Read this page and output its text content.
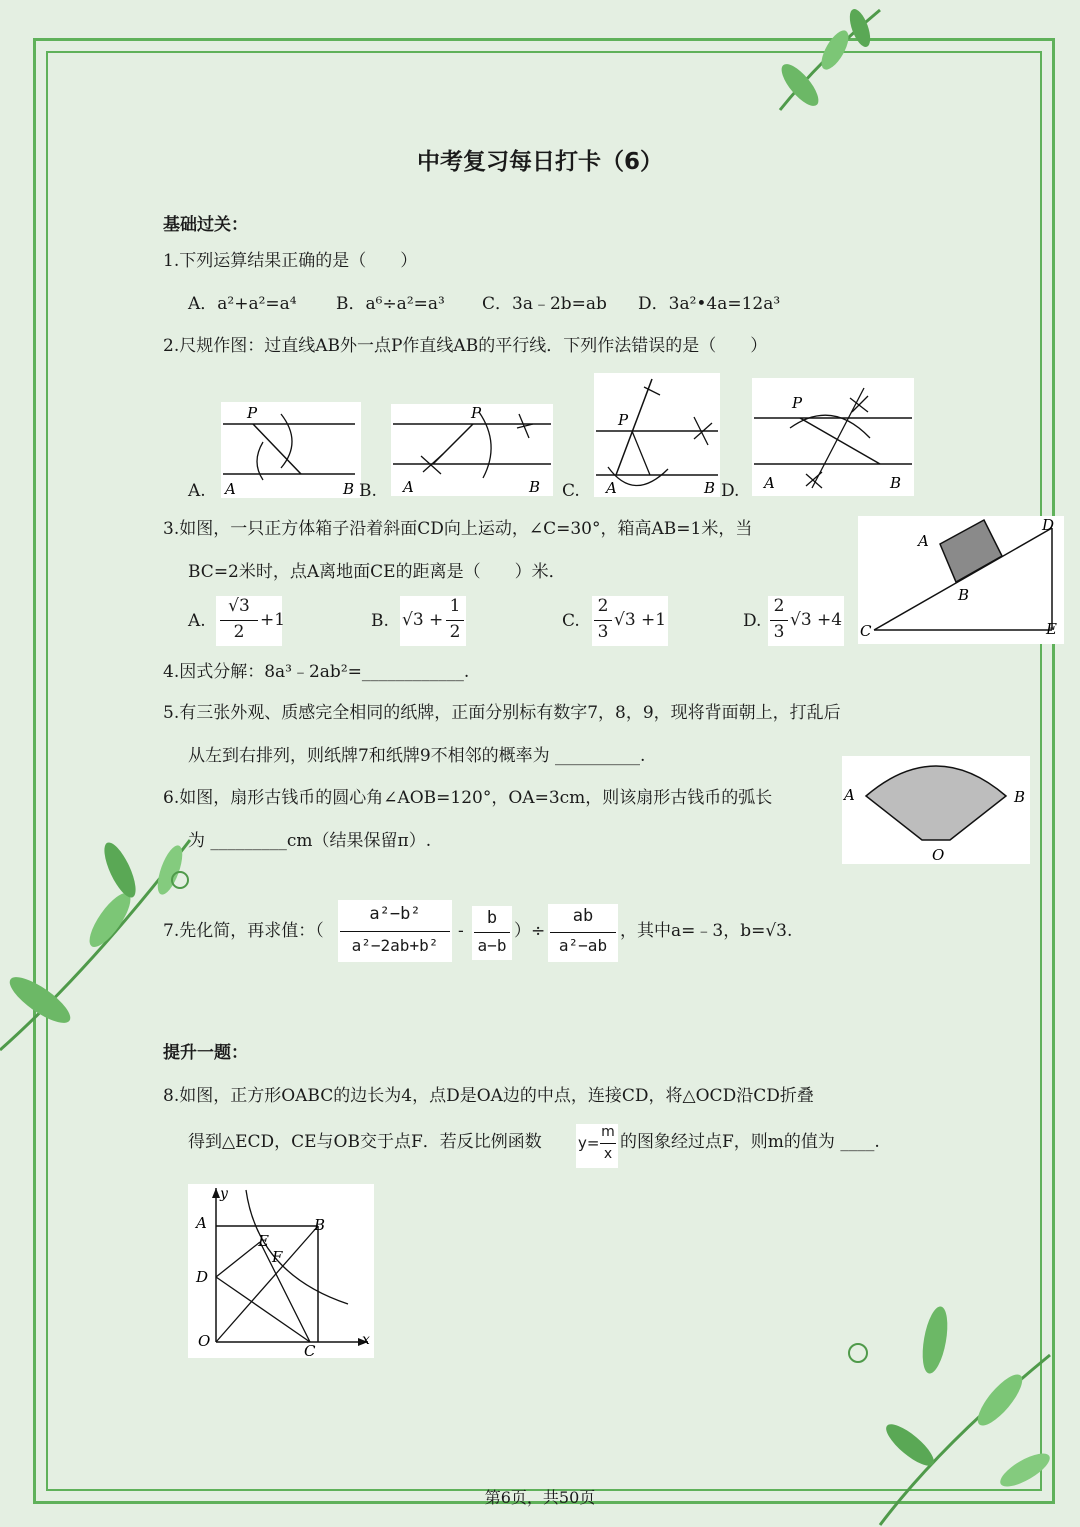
中考复习每日打卡（6）
基础过关：
1.下列运算结果正确的是（　　）
A．a²+a²=a⁴ B．a⁶÷a²=a³ C．3a﹣2b=ab D．3a²•4a=12a³
2.尺规作图：过直线AB外一点P作直线AB的平行线．下列作法错误的是（　　）
A.
P
A	B B.
P
A	B C.
P
A	B D.
P
A	B
3.如图，一只正方体箱子沿着斜面CD向上运动，∠C=30°，箱高AB=1米，当
BC=2米时，点A离地面CE的距离是（　　）米．
A.
√3
2
+1	B. √3 +
1
2
C.
2
3
√3 +1	D.
2
3
√3 +4
A
B
C
D
E
4.因式分解：8a³﹣2ab²=____________.
5.有三张外观、质感完全相同的纸牌，正面分别标有数字7，8，9，现将背面朝上，打乱后
从左到右排列，则纸牌7和纸牌9不相邻的概率为 __________.
6.如图，扇形古钱币的圆心角∠AOB=120°，OA=3cm，则该扇形古钱币的弧长
为 _________cm（结果保留π）.
A	B
O
7.先化简，再求值：（
a²−b²
a²−2ab+b²
-
b
a−b
）÷
ab
a²−ab
，其中a=﹣3，b=√3.
提升一题：
8.如图，正方形OABC的边长为4，点D是OA边的中点，连接CD，将△OCD沿CD折叠
得到△ECD，CE与OB交于点F．若反比例函数 y=
m
x
的图象经过点F，则m的值为 ____.
y
x
A	B
E
F
D
O
C
第6页，共50页
